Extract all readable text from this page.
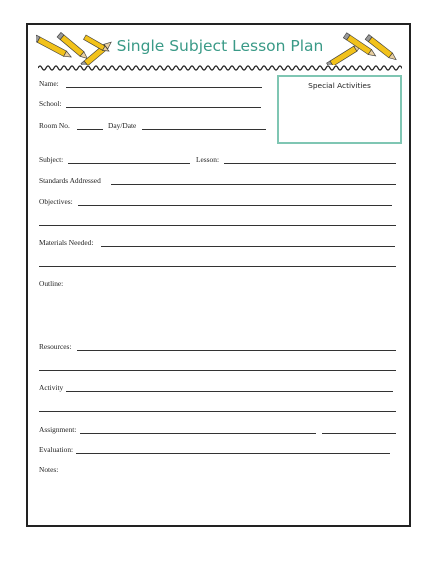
Single Subject Lesson Plan
Special Activities
Name:
School:
Room No.	Day/Date
Subject:	Lesson:
Standards Addressed
Objectives:
Materials Needed:
Outline:
Resources:
Activity
Assignment:
Evaluation:
Notes:
